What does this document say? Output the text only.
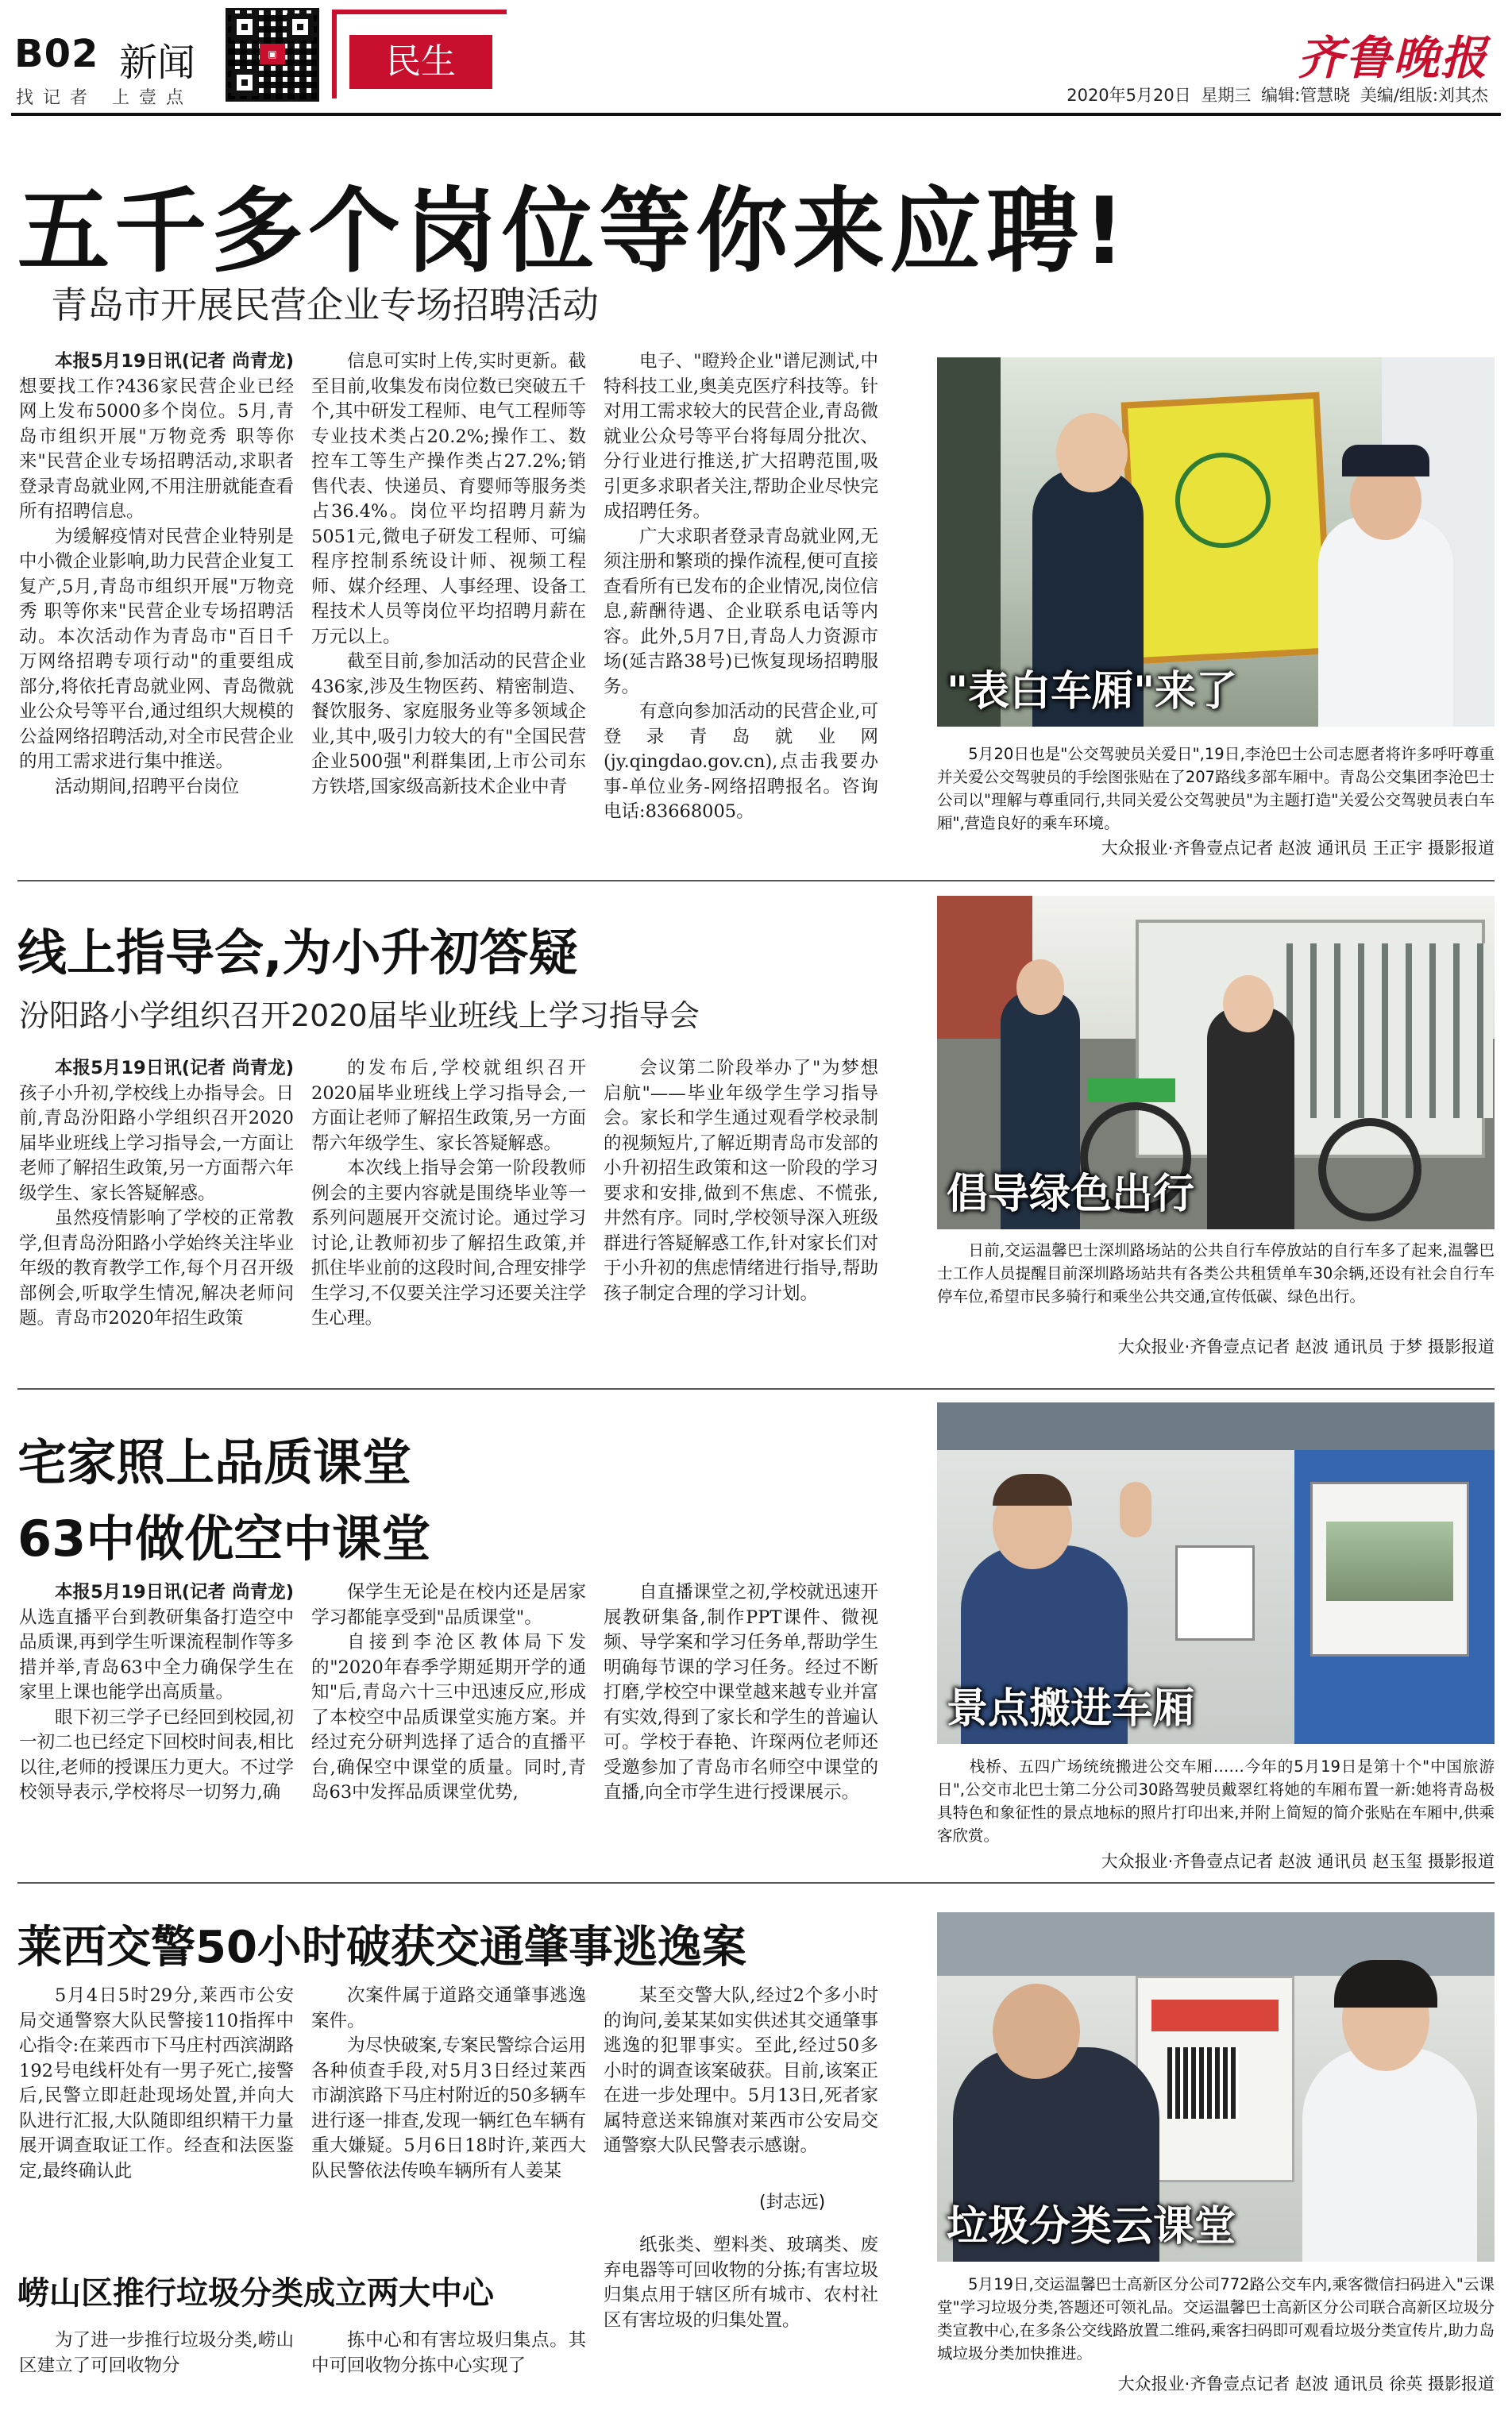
B02 新闻
找记者 上壹点
▣	民生	齐鲁晚报
2020年5月20日 星期三 编辑:管慧晓 美编/组版:刘其杰
五千多个岗位等你来应聘!
青岛市开展民营企业专场招聘活动

本报5月19日讯(记者 尚青龙) 想要找工作?436家民营企业已经网上发布5000多个岗位。5月,青岛市组织开展"万物竞秀 职等你来"民营企业专场招聘活动,求职者登录青岛就业网,不用注册就能查看所有招聘信息。

为缓解疫情对民营企业特别是中小微企业影响,助力民营企业复工复产,5月,青岛市组织开展"万物竞秀 职等你来"民营企业专场招聘活动。本次活动作为青岛市"百日千万网络招聘专项行动"的重要组成部分,将依托青岛就业网、青岛微就业公众号等平台,通过组织大规模的公益网络招聘活动,对全市民营企业的用工需求进行集中推送。

活动期间,招聘平台岗位

信息可实时上传,实时更新。截至目前,收集发布岗位数已突破五千个,其中研发工程师、电气工程师等专业技术类占20.2%;操作工、数控车工等生产操作类占27.2%;销售代表、快递员、育婴师等服务类占36.4%。岗位平均招聘月薪为5051元,微电子研发工程师、可编程序控制系统设计师、视频工程师、媒介经理、人事经理、设备工程技术人员等岗位平均招聘月薪在万元以上。

截至目前,参加活动的民营企业436家,涉及生物医药、精密制造、餐饮服务、家庭服务业等多领域企业,其中,吸引力较大的有"全国民营企业500强"利群集团,上市公司东方铁塔,国家级高新技术企业中青

电子、"瞪羚企业"谱尼测试,中特科技工业,奥美克医疗科技等。针对用工需求较大的民营企业,青岛微就业公众号等平台将每周分批次、分行业进行推送,扩大招聘范围,吸引更多求职者关注,帮助企业尽快完成招聘任务。

广大求职者登录青岛就业网,无须注册和繁琐的操作流程,便可直接查看所有已发布的企业情况,岗位信息,薪酬待遇、企业联系电话等内容。此外,5月7日,青岛人力资源市场(延吉路38号)已恢复现场招聘服务。

有意向参加活动的民营企业,可登录青岛就业网(jy.qingdao.gov.cn),点击我要办事-单位业务-网络招聘报名。咨询电话:83668005。

"表白车厢"来了
　　5月20日也是"公交驾驶员关爱日",19日,李沧巴士公司志愿者将许多呼吁尊重并关爱公交驾驶员的手绘图张贴在了207路线多部车厢中。青岛公交集团李沧巴士公司以"理解与尊重同行,共同关爱公交驾驶员"为主题打造"关爱公交驾驶员表白车厢",营造良好的乘车环境。
大众报业·齐鲁壹点记者 赵波 通讯员 王正宇 摄影报道
线上指导会,为小升初答疑
汾阳路小学组织召开2020届毕业班线上学习指导会

本报5月19日讯(记者 尚青龙) 孩子小升初,学校线上办指导会。日前,青岛汾阳路小学组织召开2020届毕业班线上学习指导会,一方面让老师了解招生政策,另一方面帮六年级学生、家长答疑解惑。

虽然疫情影响了学校的正常教学,但青岛汾阳路小学始终关注毕业年级的教育教学工作,每个月召开级部例会,听取学生情况,解决老师问题。青岛市2020年招生政策

的发布后,学校就组织召开2020届毕业班线上学习指导会,一方面让老师了解招生政策,另一方面帮六年级学生、家长答疑解惑。

本次线上指导会第一阶段教师例会的主要内容就是围绕毕业等一系列问题展开交流讨论。通过学习讨论,让教师初步了解招生政策,并抓住毕业前的这段时间,合理安排学生学习,不仅要关注学习还要关注学生心理。

会议第二阶段举办了"为梦想启航"——毕业年级学生学习指导会。家长和学生通过观看学校录制的视频短片,了解近期青岛市发部的小升初招生政策和这一阶段的学习要求和安排,做到不焦虑、不慌张,井然有序。同时,学校领导深入班级群进行答疑解惑工作,针对家长们对于小升初的焦虑情绪进行指导,帮助孩子制定合理的学习计划。

倡导绿色出行
　　日前,交运温馨巴士深圳路场站的公共自行车停放站的自行车多了起来,温馨巴士工作人员提醒目前深圳路场站共有各类公共租赁单车30余辆,还设有社会自行车停车位,希望市民多骑行和乘坐公共交通,宣传低碳、绿色出行。
大众报业·齐鲁壹点记者 赵波 通讯员 于梦 摄影报道
宅家照上品质课堂
63中做优空中课堂

本报5月19日讯(记者 尚青龙) 从选直播平台到教研集备打造空中品质课,再到学生听课流程制作等多措并举,青岛63中全力确保学生在家里上课也能学出高质量。

眼下初三学子已经回到校园,初一初二也已经定下回校时间表,相比以往,老师的授课压力更大。不过学校领导表示,学校将尽一切努力,确

保学生无论是在校内还是居家学习都能享受到"品质课堂"。

自接到李沧区教体局下发的"2020年春季学期延期开学的通知"后,青岛六十三中迅速反应,形成了本校空中品质课堂实施方案。并经过充分研判选择了适合的直播平台,确保空中课堂的质量。同时,青岛63中发挥品质课堂优势,

自直播课堂之初,学校就迅速开展教研集备,制作PPT课件、微视频、导学案和学习任务单,帮助学生明确每节课的学习任务。经过不断打磨,学校空中课堂越来越专业并富有实效,得到了家长和学生的普遍认可。学校于春艳、许琛两位老师还受邀参加了青岛市名师空中课堂的直播,向全市学生进行授课展示。

景点搬进车厢
　　栈桥、五四广场统统搬进公交车厢……今年的5月19日是第十个"中国旅游日",公交市北巴士第二分公司30路驾驶员戴翠红将她的车厢布置一新:她将青岛极具特色和象征性的景点地标的照片打印出来,并附上简短的简介张贴在车厢中,供乘客欣赏。
大众报业·齐鲁壹点记者 赵波 通讯员 赵玉玺 摄影报道
莱西交警50小时破获交通肇事逃逸案

5月4日5时29分,莱西市公安局交通警察大队民警接110指挥中心指令:在莱西市下马庄村西滨湖路192号电线杆处有一男子死亡,接警后,民警立即赶赴现场处置,并向大队进行汇报,大队随即组织精干力量展开调查取证工作。经查和法医鉴定,最终确认此

次案件属于道路交通肇事逃逸案件。

为尽快破案,专案民警综合运用各种侦查手段,对5月3日经过莱西市湖滨路下马庄村附近的50多辆车进行逐一排查,发现一辆红色车辆有重大嫌疑。5月6日18时许,莱西大队民警依法传唤车辆所有人姜某

某至交警大队,经过2个多小时的询问,姜某某如实供述其交通肇事逃逸的犯罪事实。至此,经过50多小时的调查该案破获。目前,该案正在进一步处理中。5月13日,死者家属特意送来锦旗对莱西市公安局交通警察大队民警表示感谢。

(封志远)
崂山区推行垃圾分类成立两大中心

为了进一步推行垃圾分类,崂山区建立了可回收物分

拣中心和有害垃圾归集点。其中可回收物分拣中心实现了

纸张类、塑料类、玻璃类、废弃电器等可回收物的分拣;有害垃圾归集点用于辖区所有城市、农村社区有害垃圾的归集处置。

垃圾分类云课堂
　　5月19日,交运温馨巴士高新区分公司772路公交车内,乘客微信扫码进入"云课堂"学习垃圾分类,答题还可领礼品。交运温馨巴士高新区分公司联合高新区垃圾分类宣教中心,在多条公交线路放置二维码,乘客扫码即可观看垃圾分类宣传片,助力岛城垃圾分类加快推进。
大众报业·齐鲁壹点记者 赵波 通讯员 徐英 摄影报道
